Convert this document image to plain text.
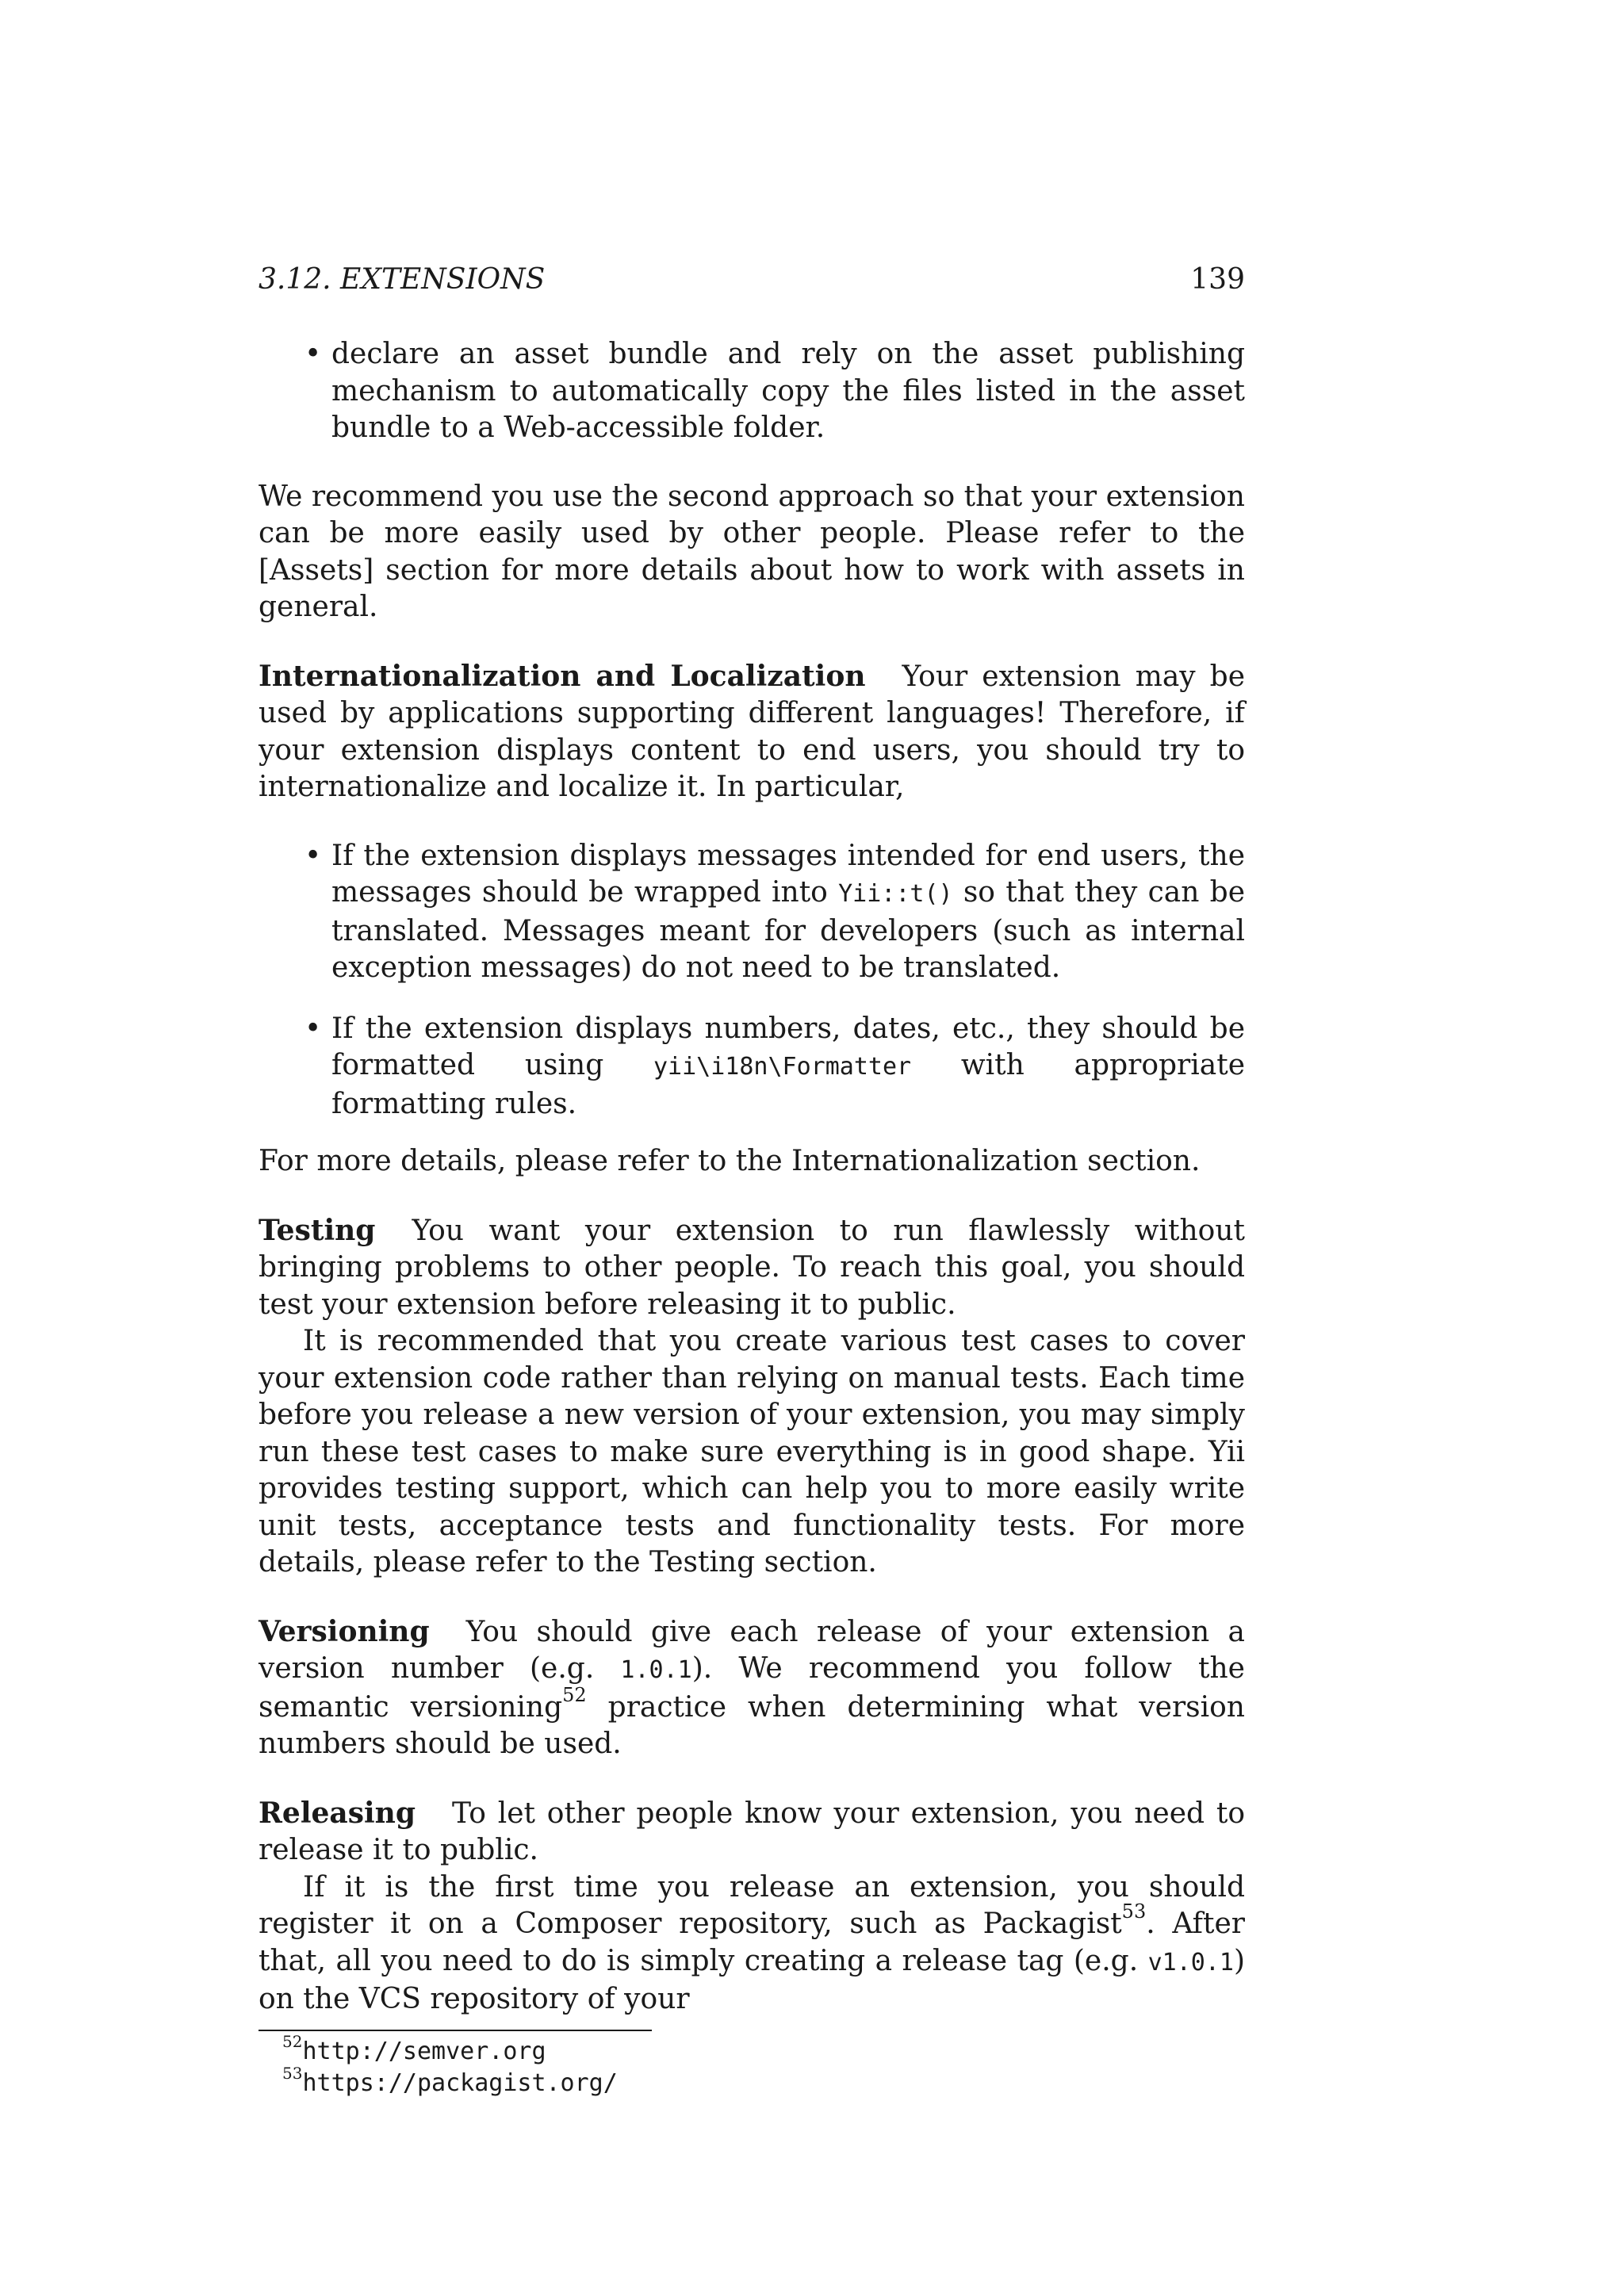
3.12. EXTENSIONS	139
• declare an asset bundle and rely on the asset publishing mechanism to automatically copy the files listed in the asset bundle to a Web-accessible folder.

We recommend you use the second approach so that your extension can be more easily used by other people. Please refer to the [Assets] section for more details about how to work with assets in general.

Internationalization and Localization Your extension may be used by applications supporting different languages! Therefore, if your extension displays content to end users, you should try to internationalize and localize it. In particular,

• If the extension displays messages intended for end users, the messages should be wrapped into Yii::t() so that they can be translated. Messages meant for developers (such as internal exception messages) do not need to be translated.
• If the extension displays numbers, dates, etc., they should be formatted using yii\i18n\Formatter with appropriate formatting rules.

For more details, please refer to the Internationalization section.

Testing You want your extension to run flawlessly without bringing problems to other people. To reach this goal, you should test your extension before releasing it to public.

It is recommended that you create various test cases to cover your extension code rather than relying on manual tests. Each time before you release a new version of your extension, you may simply run these test cases to make sure everything is in good shape. Yii provides testing support, which can help you to more easily write unit tests, acceptance tests and functionality tests. For more details, please refer to the Testing section.

Versioning You should give each release of your extension a version number (e.g. 1.0.1). We recommend you follow the semantic versioning$^{52}$ practice when determining what version numbers should be used.

Releasing To let other people know your extension, you need to release it to public.

If it is the first time you release an extension, you should register it on a Composer repository, such as Packagist$^{53}$. After that, all you need to do is simply creating a release tag (e.g. v1.0.1) on the VCS repository of your

$^{52}$http://semver.org
$^{53}$https://packagist.org/
